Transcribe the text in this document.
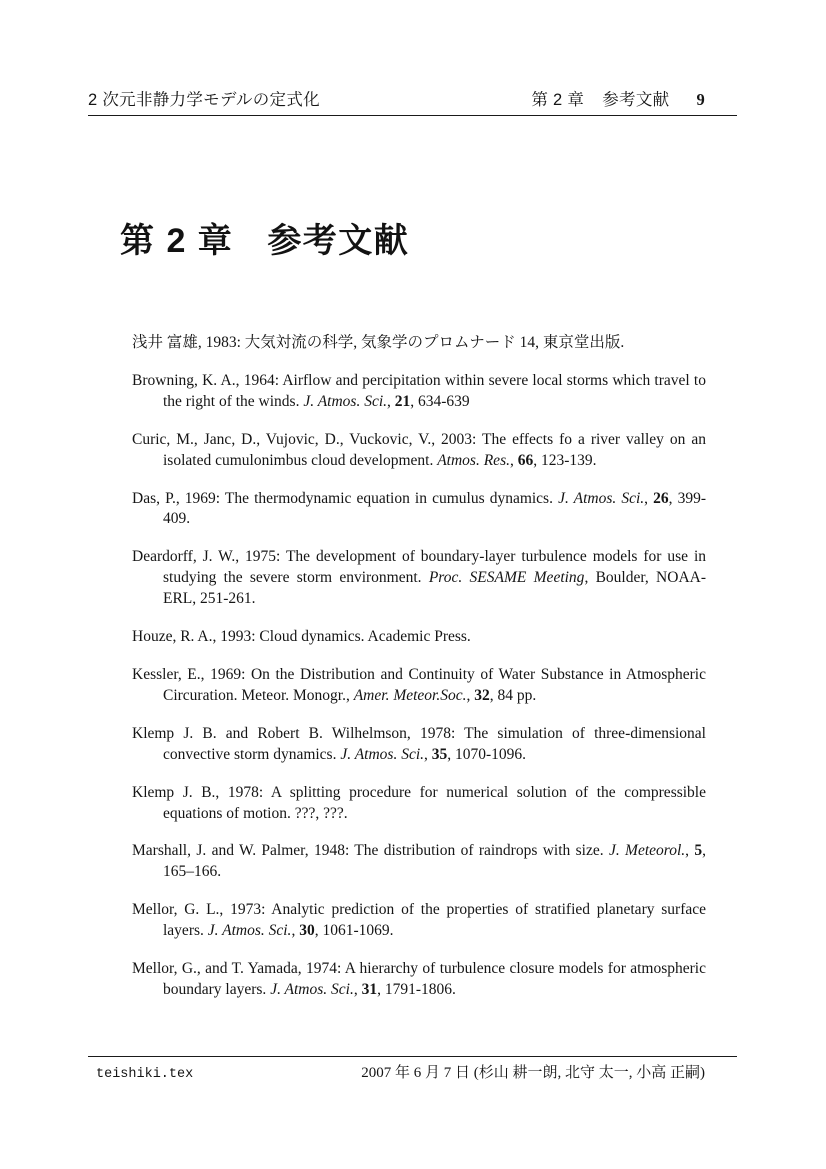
2 次元非静力学モデルの定式化	第 2 章 参考文献 9
第 2 章 参考文献

浅井 富雄, 1983: 大気対流の科学, 気象学のプロムナード 14, 東京堂出版.

Browning, K. A., 1964: Airflow and percipitation within severe local storms which travel to the right of the winds. J. Atmos. Sci., 21, 634-639

Curic, M., Janc, D., Vujovic, D., Vuckovic, V., 2003: The effects fo a river valley on an isolated cumulonimbus cloud development. Atmos. Res., 66, 123-139.

Das, P., 1969: The thermodynamic equation in cumulus dynamics. J. Atmos. Sci., 26, 399-409.

Deardorff, J. W., 1975: The development of boundary-layer turbulence models for use in studying the severe storm environment. Proc. SESAME Meeting, Boulder, NOAA-ERL, 251-261.

Houze, R. A., 1993: Cloud dynamics. Academic Press.

Kessler, E., 1969: On the Distribution and Continuity of Water Substance in Atmospheric Circuration. Meteor. Monogr., Amer. Meteor.Soc., 32, 84 pp.

Klemp J. B. and Robert B. Wilhelmson, 1978: The simulation of three-dimensional convective storm dynamics. J. Atmos. Sci., 35, 1070-1096.

Klemp J. B., 1978: A splitting procedure for numerical solution of the compressible equations of motion. ???, ???.

Marshall, J. and W. Palmer, 1948: The distribution of raindrops with size. J. Meteorol., 5, 165–166.

Mellor, G. L., 1973: Analytic prediction of the properties of stratified planetary surface layers. J. Atmos. Sci., 30, 1061-1069.

Mellor, G., and T. Yamada, 1974: A hierarchy of turbulence closure models for atmospheric boundary layers. J. Atmos. Sci., 31, 1791-1806.

teishiki.tex	2007 年 6 月 7 日 (杉山 耕一朗, 北守 太一, 小高 正嗣)
